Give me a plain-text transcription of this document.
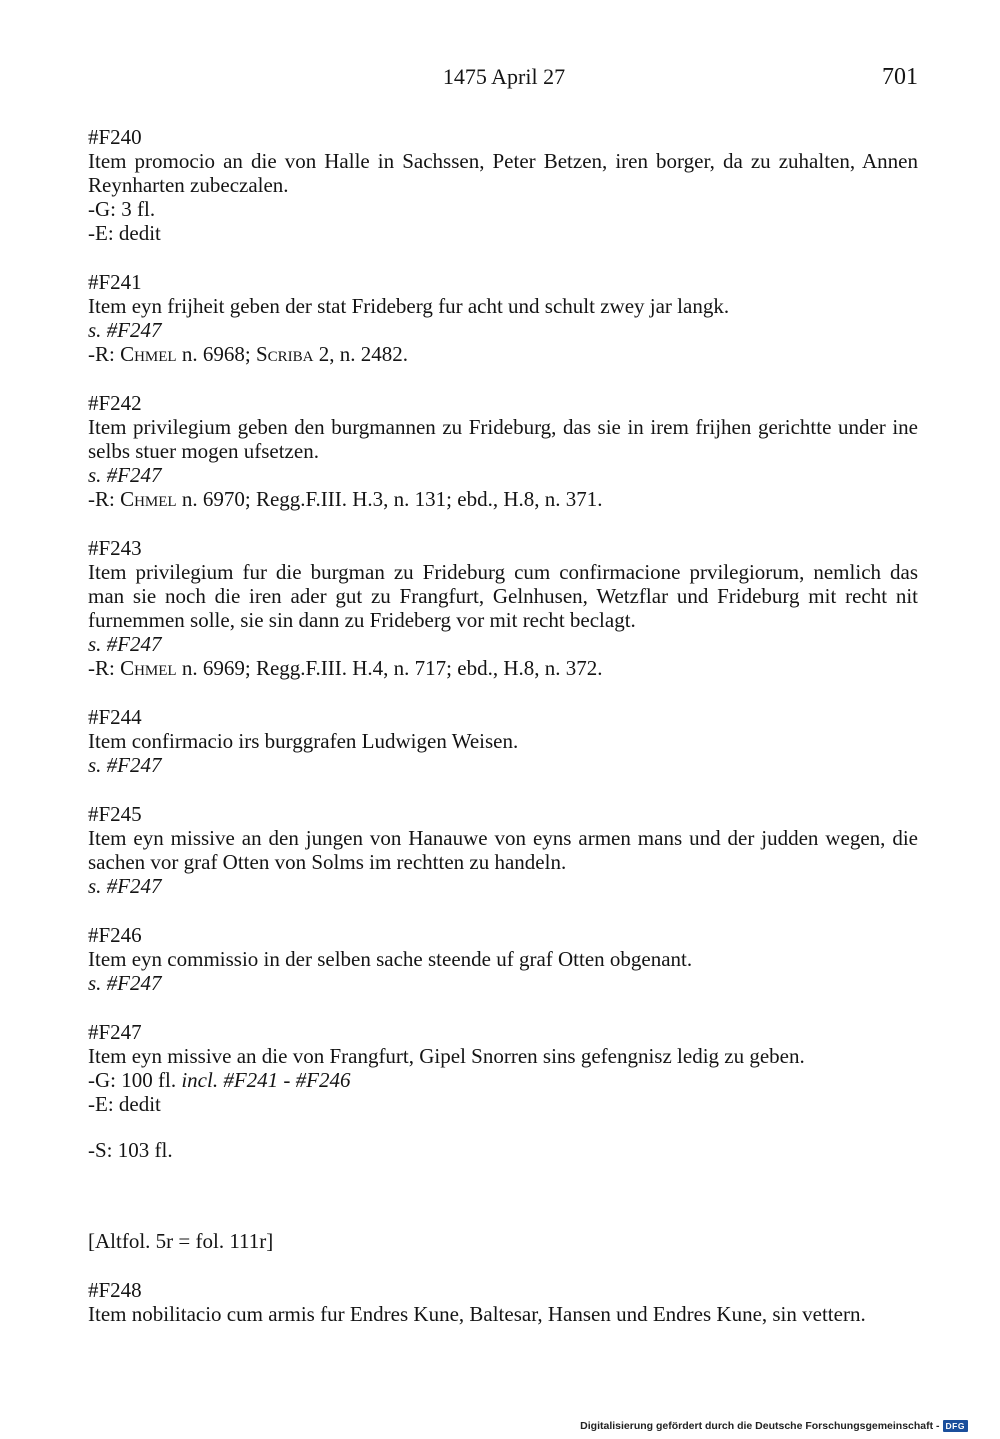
1475 April 27	701
#F240
Item promocio an die von Halle in Sachssen, Peter Betzen, iren borger, da zu zuhalten, Annen Reynharten zubeczalen.
-G: 3 fl.
-E: dedit
#F241
Item eyn frijheit geben der stat Frideberg fur acht und schult zwey jar langk.
s. #F247
-R: Chmel n. 6968; Scriba 2, n. 2482.
#F242
Item privilegium geben den burgmannen zu Frideburg, das sie in irem frijhen gerichtte under ine selbs stuer mogen ufsetzen.
s. #F247
-R: Chmel n. 6970; Regg.F.III. H.3, n. 131; ebd., H.8, n. 371.
#F243
Item privilegium fur die burgman zu Frideburg cum confirmacione prvilegiorum, nemlich das man sie noch die iren ader gut zu Frangfurt, Gelnhusen, Wetzflar und Frideburg mit recht nit furnemmen solle, sie sin dann zu Frideberg vor mit recht beclagt.
s. #F247
-R: Chmel n. 6969; Regg.F.III. H.4, n. 717; ebd., H.8, n. 372.
#F244
Item confirmacio irs burggrafen Ludwigen Weisen.
s. #F247
#F245
Item eyn missive an den jungen von Hanauwe von eyns armen mans und der judden wegen, die sachen vor graf Otten von Solms im rechtten zu handeln.
s. #F247
#F246
Item eyn commissio in der selben sache steende uf graf Otten obgenant.
s. #F247
#F247
Item eyn missive an die von Frangfurt, Gipel Snorren sins gefengnisz ledig zu geben.
-G: 100 fl. incl. #F241 - #F246
-E: dedit
-S: 103 fl.
[Altfol. 5r = fol. 111r]
#F248
Item nobilitacio cum armis fur Endres Kune, Baltesar, Hansen und Endres Kune, sin vettern.
Digitalisierung gefördert durch die Deutsche Forschungsgemeinschaft - DFG
